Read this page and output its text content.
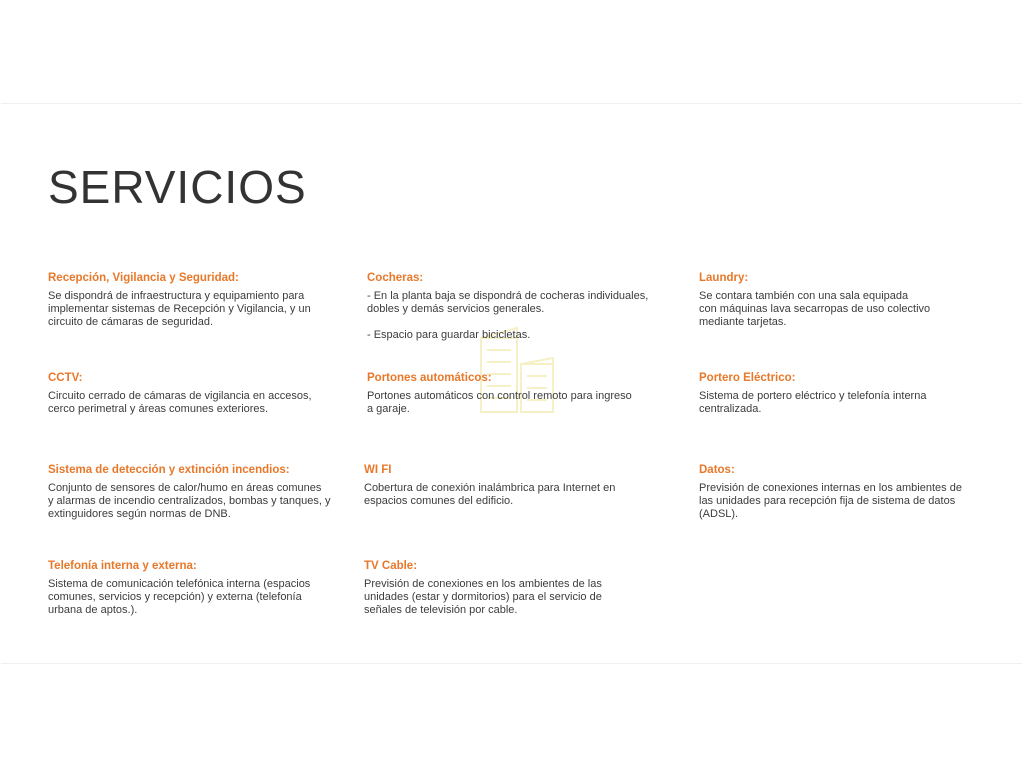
SERVICIOS
Recepción, Vigilancia y Seguridad:
Se dispondrá de infraestructura y equipamiento para
implementar sistemas de Recepción y Vigilancia, y un
circuito de cámaras de seguridad.
Cocheras:
- En la planta baja se dispondrá de cocheras individuales,
dobles y demás servicios generales.

- Espacio para guardar bicicletas.
Laundry:
Se contara también con una sala equipada
con máquinas lava secarropas de uso colectivo
mediante tarjetas.
CCTV:
Circuito cerrado de cámaras de vigilancia en accesos,
cerco perimetral y áreas comunes exteriores.
Portones automáticos:
Portones automáticos con control remoto para ingreso
a garaje.
Portero Eléctrico:
Sistema de portero eléctrico y telefonía interna
centralizada.
Sistema de detección y extinción incendios:
Conjunto de sensores de calor/humo en áreas comunes
y alarmas de incendio centralizados, bombas y tanques, y
extinguidores según normas de DNB.
WI FI
Cobertura de conexión inalámbrica para Internet en
espacios comunes del edificio.
Datos:
Previsión de conexiones internas en los ambientes de
las unidades para recepción fija de sistema de datos
(ADSL).
Telefonía interna y externa:
Sistema de comunicación telefónica interna (espacios
comunes, servicios y recepción) y externa (telefonía
urbana de aptos.).
TV Cable:
Previsión de conexiones en los ambientes de las
unidades (estar y dormitorios) para el servicio de
señales de televisión por cable.
